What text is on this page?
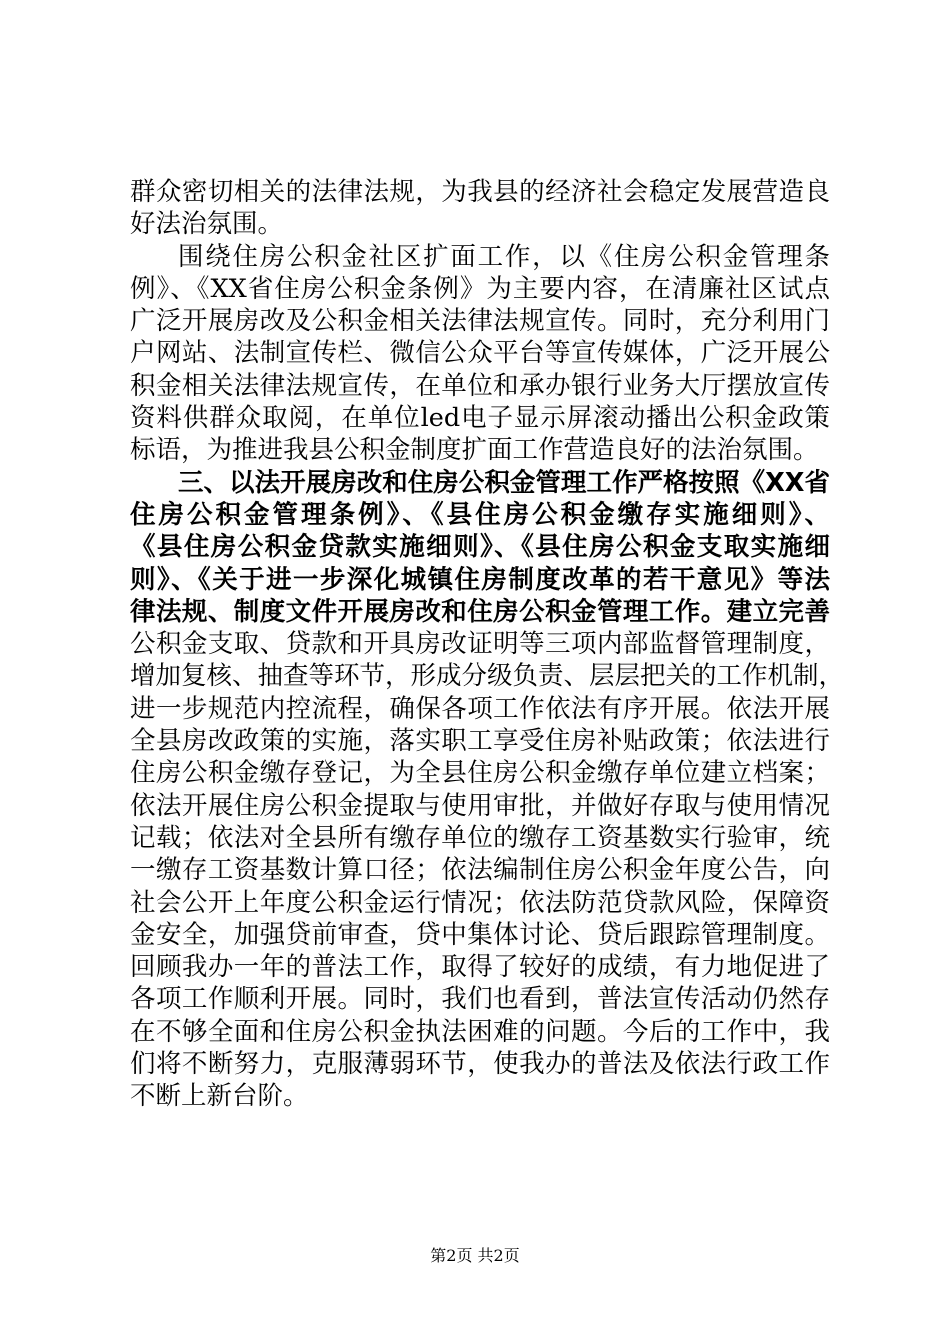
群众密切相关的法律法规，为我县的经济社会稳定发展营造良
好法治氛围。
围绕住房公积金社区扩面工作，以《住房公积金管理条
例》、《XX省住房公积金条例》为主要内容，在清廉社区试点
广泛开展房改及公积金相关法律法规宣传。同时，充分利用门
户网站、法制宣传栏、微信公众平台等宣传媒体，广泛开展公
积金相关法律法规宣传，在单位和承办银行业务大厅摆放宣传
资料供群众取阅，在单位led电子显示屏滚动播出公积金政策
标语，为推进我县公积金制度扩面工作营造良好的法治氛围。
三、以法开展房改和住房公积金管理工作严格按照《XX省
住房公积金管理条例》、《县住房公积金缴存实施细则》、
《县住房公积金贷款实施细则》、《县住房公积金支取实施细
则》、《关于进一步深化城镇住房制度改革的若干意见》等法
律法规、制度文件开展房改和住房公积金管理工作。建立完善
公积金支取、贷款和开具房改证明等三项内部监督管理制度，
增加复核、抽查等环节，形成分级负责、层层把关的工作机制，
进一步规范内控流程，确保各项工作依法有序开展。依法开展
全县房改政策的实施，落实职工享受住房补贴政策；依法进行
住房公积金缴存登记，为全县住房公积金缴存单位建立档案；
依法开展住房公积金提取与使用审批，并做好存取与使用情况
记载；依法对全县所有缴存单位的缴存工资基数实行验审，统
一缴存工资基数计算口径；依法编制住房公积金年度公告，向
社会公开上年度公积金运行情况；依法防范贷款风险，保障资
金安全，加强贷前审查，贷中集体讨论、贷后跟踪管理制度。
回顾我办一年的普法工作，取得了较好的成绩，有力地促进了
各项工作顺利开展。同时，我们也看到，普法宣传活动仍然存
在不够全面和住房公积金执法困难的问题。今后的工作中，我
们将不断努力，克服薄弱环节，使我办的普法及依法行政工作
不断上新台阶。
第2页 共2页
